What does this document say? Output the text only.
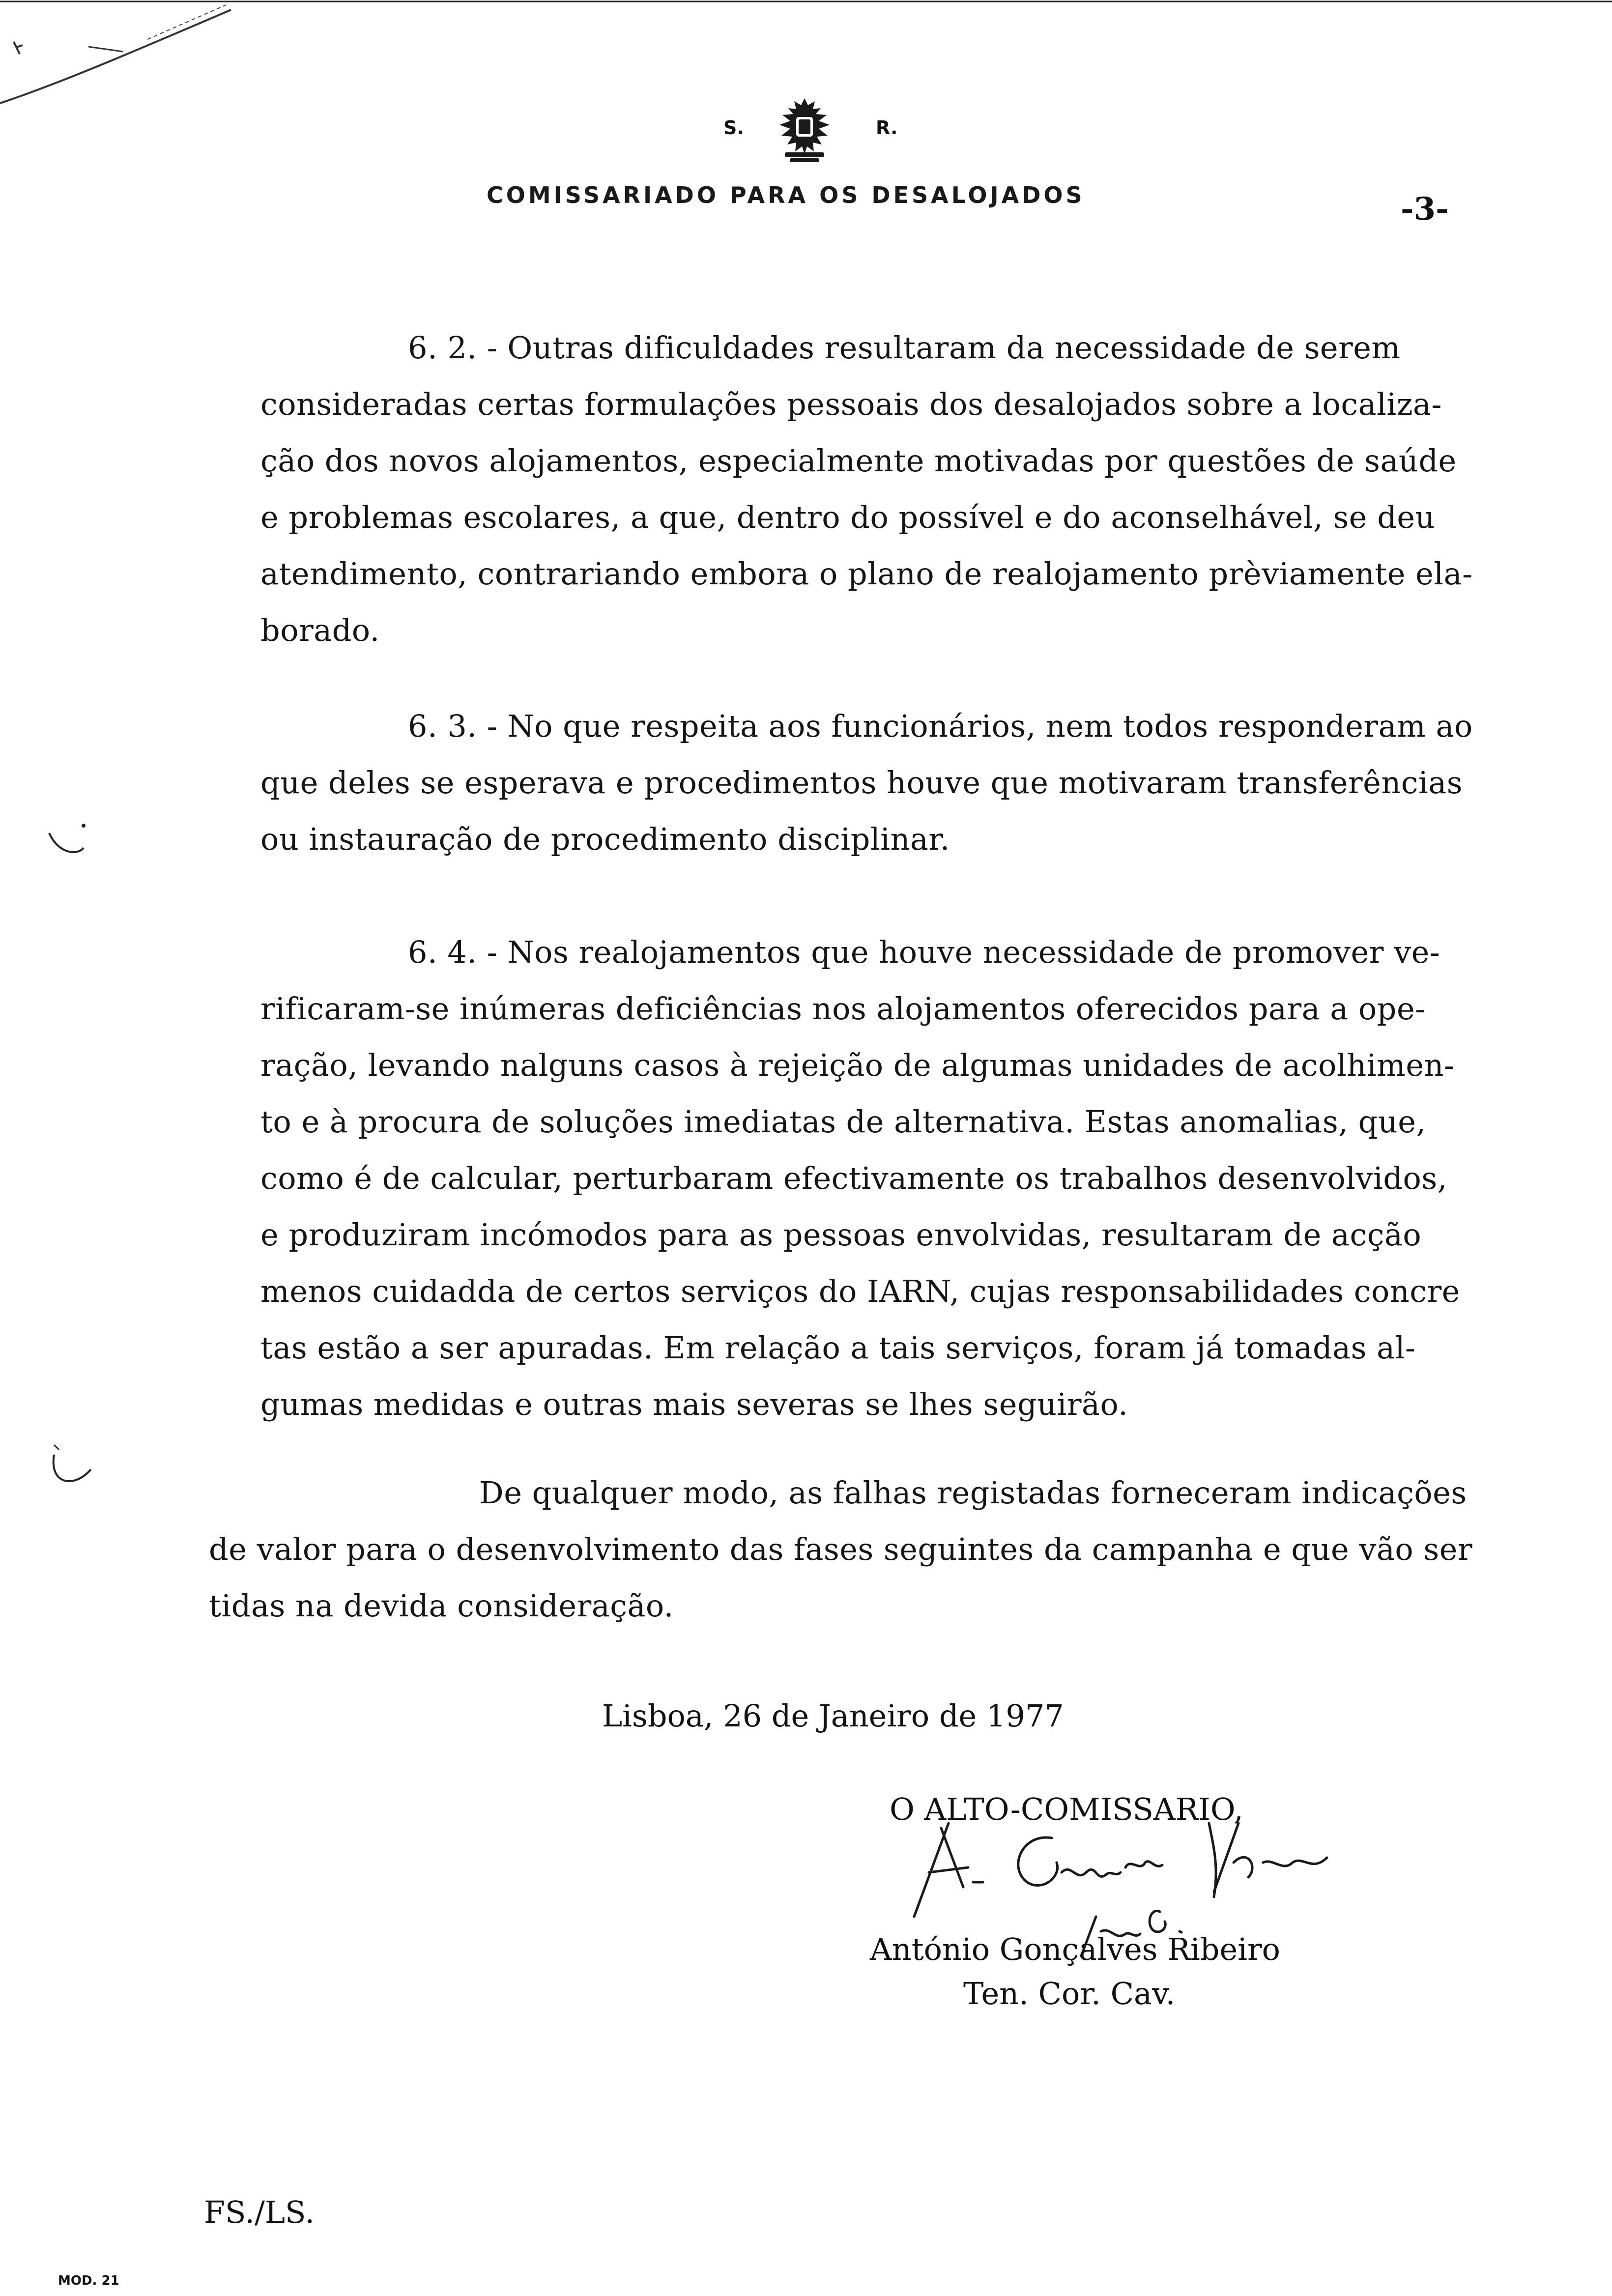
S.	R.
COMISSARIADO PARA OS DESALOJADOS	-3-
6. 2. - Outras dificuldades resultaram da necessidade de serem
consideradas certas formulações pessoais dos desalojados sobre a localiza-
ção dos novos alojamentos, especialmente motivadas por questões de saúde
e problemas escolares, a que, dentro do possível e do aconselhável, se deu
atendimento, contrariando embora o plano de realojamento prèviamente ela-
borado.
6. 3. - No que respeita aos funcionários, nem todos responderam ao
que deles se esperava e procedimentos houve que motivaram transferências
ou instauração de procedimento disciplinar.
6. 4. - Nos realojamentos que houve necessidade de promover ve-
rificaram-se inúmeras deficiências nos alojamentos oferecidos para a ope-
ração, levando nalguns casos à rejeição de algumas unidades de acolhimen-
to e à procura de soluções imediatas de alternativa. Estas anomalias, que,
como é de calcular, perturbaram efectivamente os trabalhos desenvolvidos,
e produziram incómodos para as pessoas envolvidas, resultaram de acção
menos cuidadda de certos serviços do IARN, cujas responsabilidades concre
tas estão a ser apuradas. Em relação a tais serviços, foram já tomadas al-
gumas medidas e outras mais severas se lhes seguirão.
De qualquer modo, as falhas registadas forneceram indicações
de valor para o desenvolvimento das fases seguintes da campanha e que vão ser
tidas na devida consideração.
Lisboa, 26 de Janeiro de 1977
O ALTO-COMISSARIO,
António Gonçalves Ribeiro
Ten. Cor. Cav.
FS./LS.
MOD. 21
